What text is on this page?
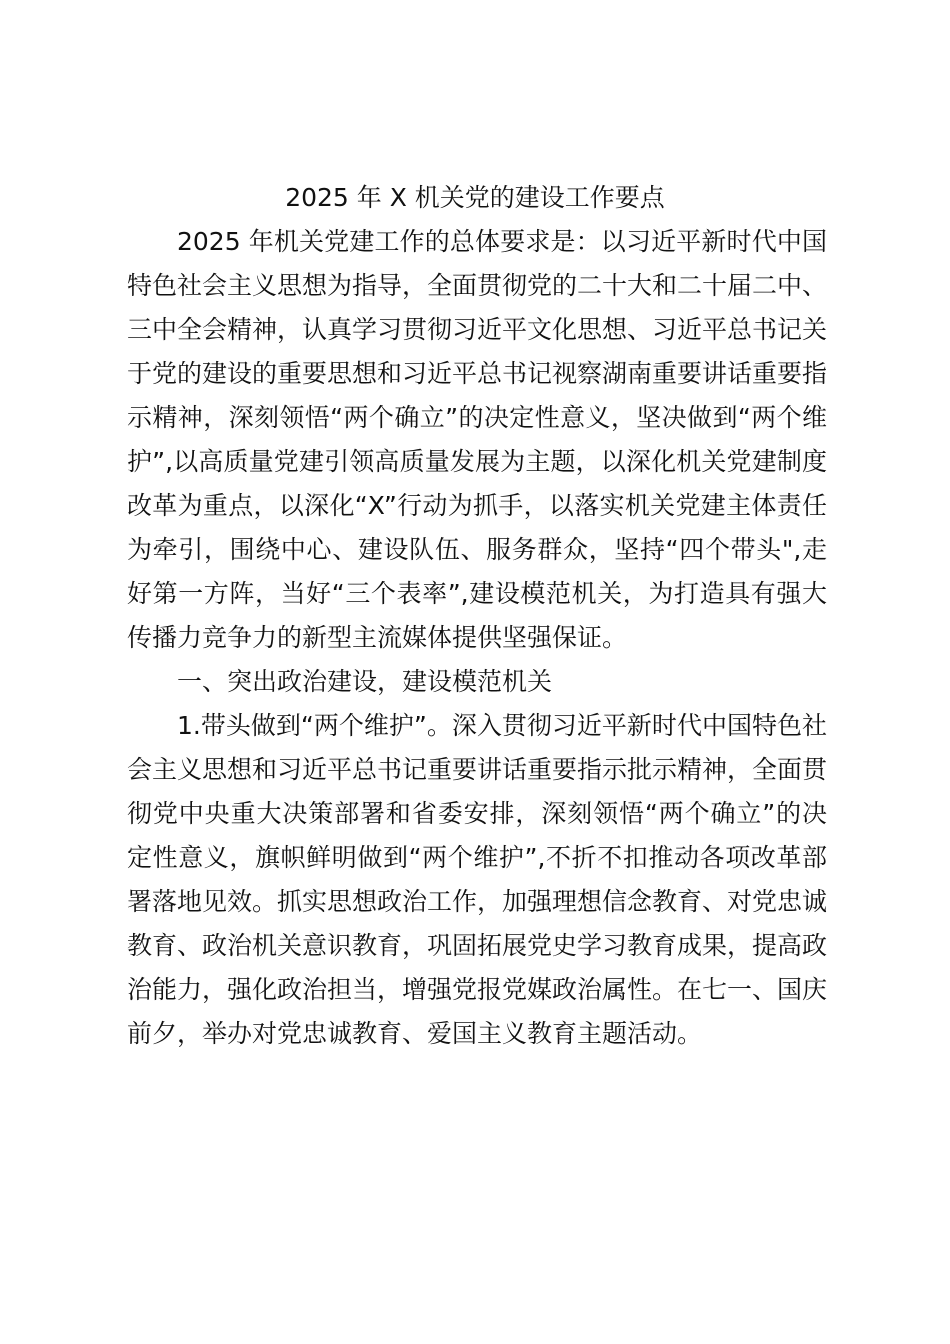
2025 年 X 机关党的建设工作要点

2025 年机关党建工作的总体要求是：以习近平新时代中国特色社会主义思想为指导，全面贯彻党的二十大和二十届二中、三中全会精神，认真学习贯彻习近平文化思想、习近平总书记关于党的建设的重要思想和习近平总书记视察湖南重要讲话重要指示精神，深刻领悟“两个确立”的决定性意义，坚决做到“两个维护”,以高质量党建引领高质量发展为主题，以深化机关党建制度改革为重点，以深化“X”行动为抓手，以落实机关党建主体责任为牵引，围绕中心、建设队伍、服务群众，坚持“四个带头",走好第一方阵，当好“三个表率”,建设模范机关，为打造具有强大传播力竞争力的新型主流媒体提供坚强保证。

一、突出政治建设，建设模范机关

1.带头做到“两个维护”。深入贯彻习近平新时代中国特色社会主义思想和习近平总书记重要讲话重要指示批示精神，全面贯彻党中央重大决策部署和省委安排，深刻领悟“两个确立”的决定性意义，旗帜鲜明做到“两个维护”,不折不扣推动各项改革部署落地见效。抓实思想政治工作，加强理想信念教育、对党忠诚教育、政治机关意识教育，巩固拓展党史学习教育成果，提高政治能力，强化政治担当，增强党报党媒政治属性。在七一、国庆前夕，举办对党忠诚教育、爱国主义教育主题活动。
